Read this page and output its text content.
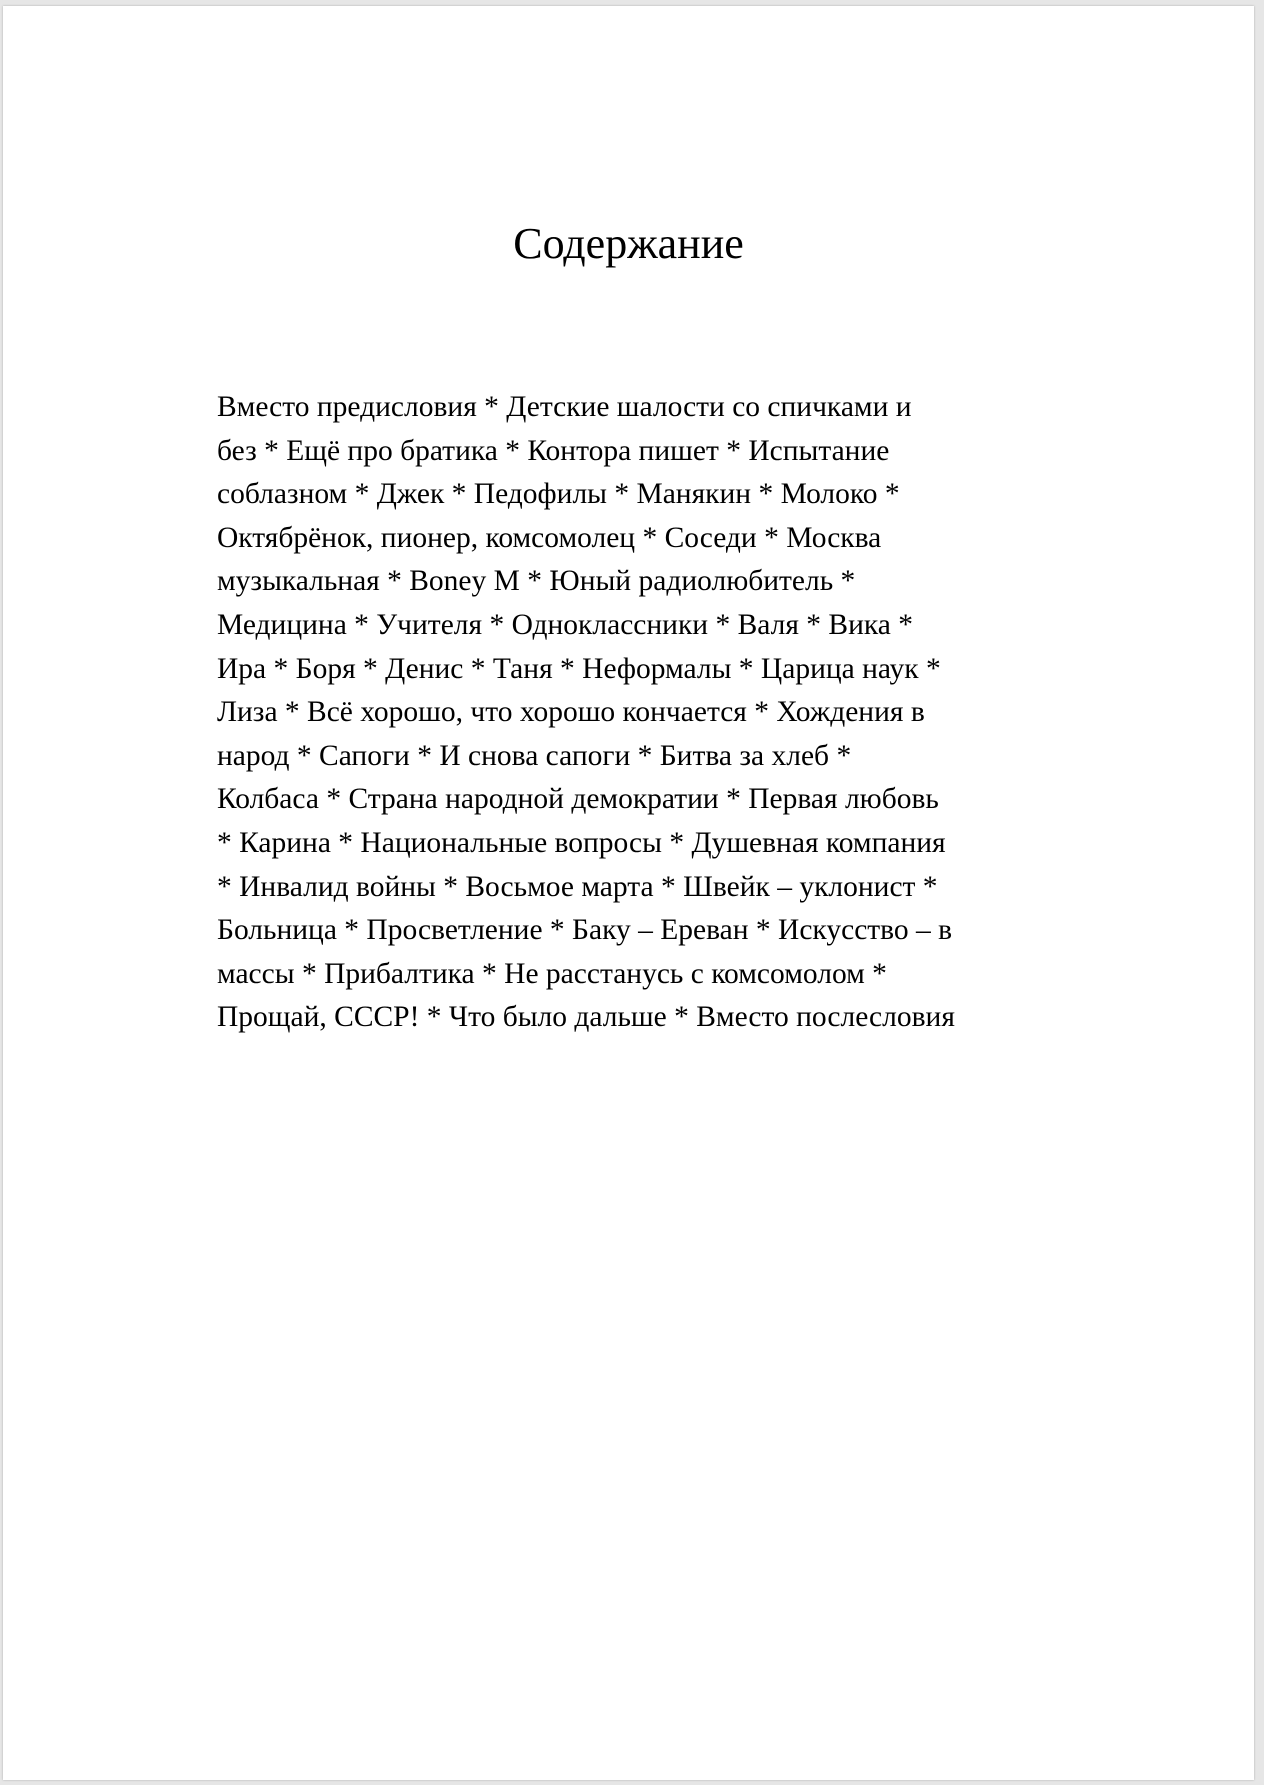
Содержание
Вместо предисловия * Детские шалости со спичками и
без * Ещё про братика * Контора пишет * Испытание
соблазном * Джек * Педофилы * Манякин * Молоко *
Октябрёнок, пионер, комсомолец * Соседи * Москва
музыкальная * Boney M * Юный радиолюбитель *
Медицина * Учителя * Одноклассники * Валя * Вика *
Ира * Боря * Денис * Таня * Неформалы * Царица наук *
Лиза * Всё хорошо, что хорошо кончается * Хождения в
народ * Сапоги * И снова сапоги * Битва за хлеб *
Колбаса * Страна народной демократии * Первая любовь
* Карина * Национальные вопросы * Душевная компания
* Инвалид войны * Восьмое марта * Швейк – уклонист *
Больница * Просветление * Баку – Ереван * Искусство – в
массы * Прибалтика * Не расстанусь с комсомолом *
Прощай, СССР! * Что было дальше * Вместо послесловия
